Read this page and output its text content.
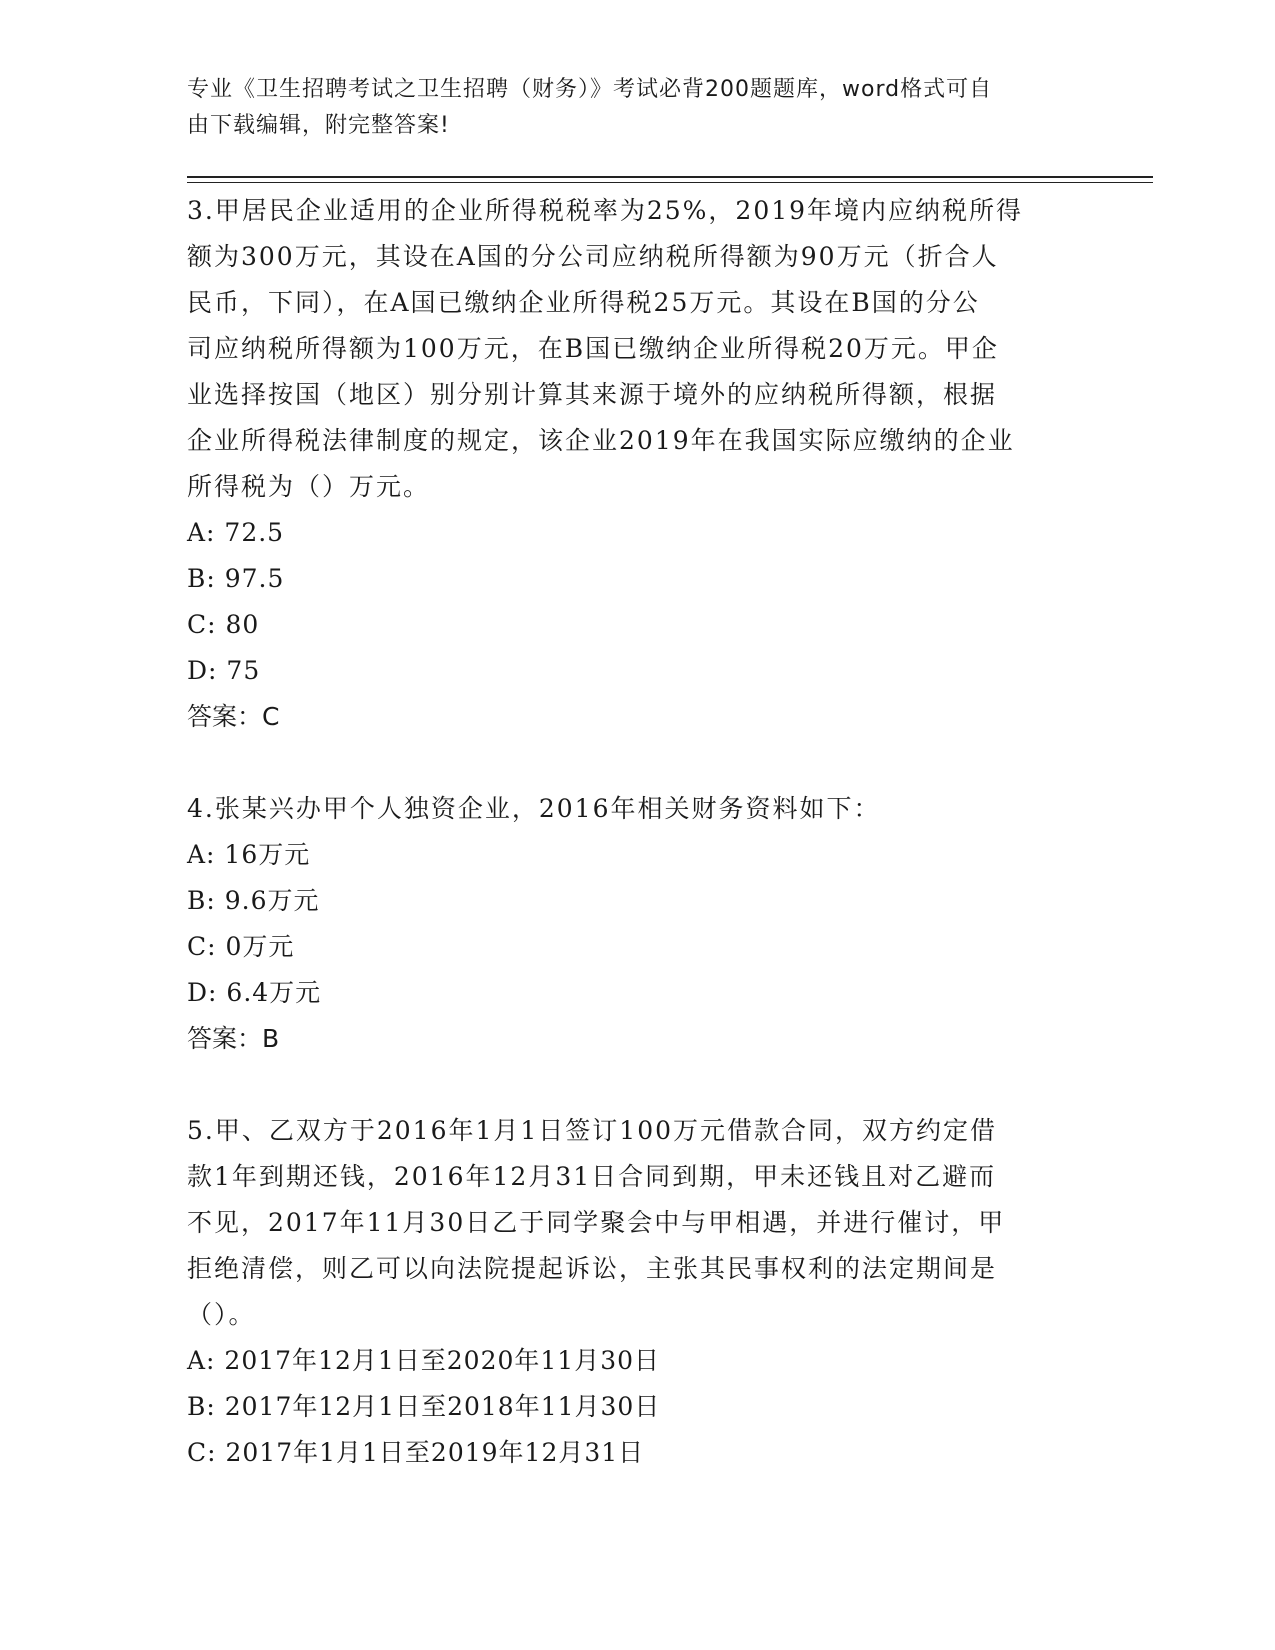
专业《卫生招聘考试之卫生招聘（财务）》考试必背200题题库，word格式可自
由下载编辑，附完整答案!

3.甲居民企业适用的企业所得税税率为25%，2019年境内应纳税所得

额为300万元，其设在A国的分公司应纳税所得额为90万元（折合人

民币，下同），在A国已缴纳企业所得税25万元。其设在B国的分公

司应纳税所得额为100万元，在B国已缴纳企业所得税20万元。甲企

业选择按国（地区）别分别计算其来源于境外的应纳税所得额，根据

企业所得税法律制度的规定，该企业2019年在我国实际应缴纳的企业

所得税为（）万元。

A: 72.5

B: 97.5

C: 80

D: 75

答案：C

4.张某兴办甲个人独资企业，2016年相关财务资料如下：

A: 16万元

B: 9.6万元

C: 0万元

D: 6.4万元

答案：B

5.甲、乙双方于2016年1月1日签订100万元借款合同，双方约定借

款1年到期还钱，2016年12月31日合同到期，甲未还钱且对乙避而

不见，2017年11月30日乙于同学聚会中与甲相遇，并进行催讨，甲

拒绝清偿，则乙可以向法院提起诉讼，主张其民事权利的法定期间是

（）。

A: 2017年12月1日至2020年11月30日

B: 2017年12月1日至2018年11月30日

C: 2017年1月1日至2019年12月31日
